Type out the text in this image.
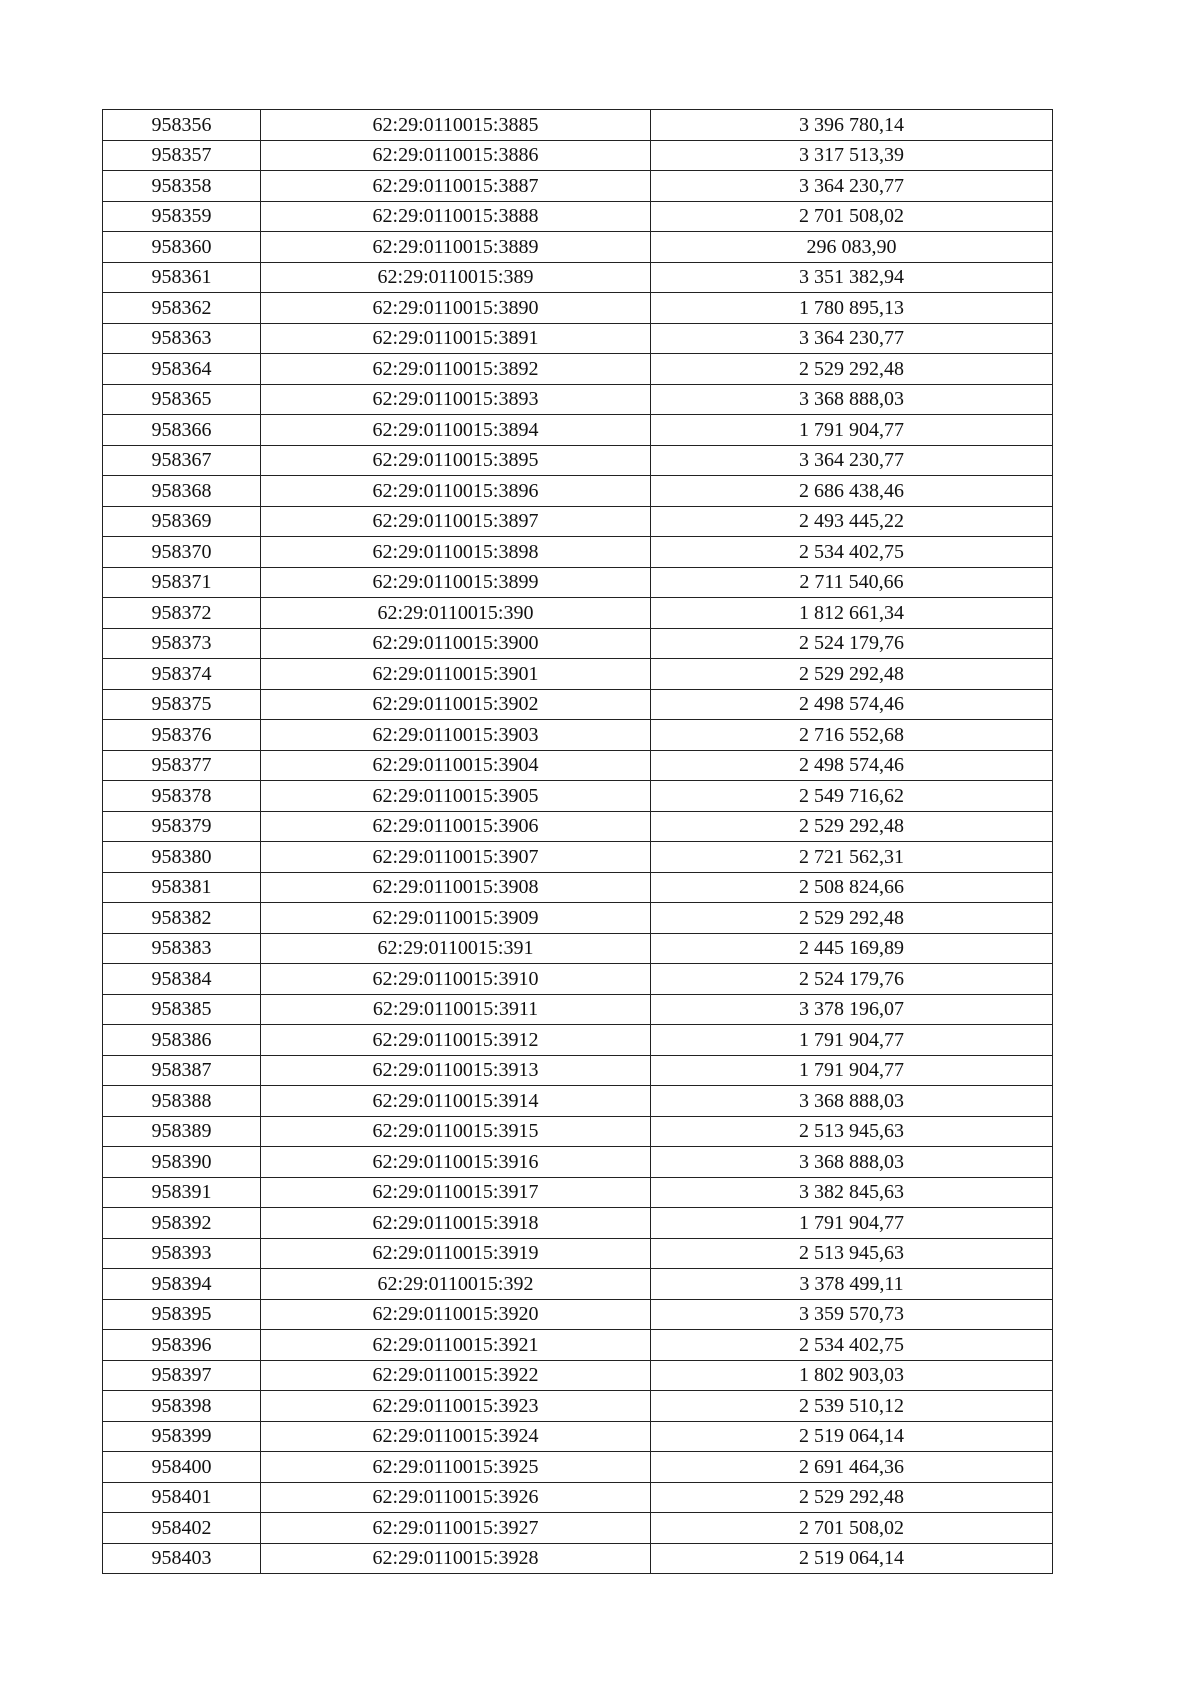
958356	62:29:0110015:3885	3 396 780,14
958357	62:29:0110015:3886	3 317 513,39
958358	62:29:0110015:3887	3 364 230,77
958359	62:29:0110015:3888	2 701 508,02
958360	62:29:0110015:3889	296 083,90
958361	62:29:0110015:389	3 351 382,94
958362	62:29:0110015:3890	1 780 895,13
958363	62:29:0110015:3891	3 364 230,77
958364	62:29:0110015:3892	2 529 292,48
958365	62:29:0110015:3893	3 368 888,03
958366	62:29:0110015:3894	1 791 904,77
958367	62:29:0110015:3895	3 364 230,77
958368	62:29:0110015:3896	2 686 438,46
958369	62:29:0110015:3897	2 493 445,22
958370	62:29:0110015:3898	2 534 402,75
958371	62:29:0110015:3899	2 711 540,66
958372	62:29:0110015:390	1 812 661,34
958373	62:29:0110015:3900	2 524 179,76
958374	62:29:0110015:3901	2 529 292,48
958375	62:29:0110015:3902	2 498 574,46
958376	62:29:0110015:3903	2 716 552,68
958377	62:29:0110015:3904	2 498 574,46
958378	62:29:0110015:3905	2 549 716,62
958379	62:29:0110015:3906	2 529 292,48
958380	62:29:0110015:3907	2 721 562,31
958381	62:29:0110015:3908	2 508 824,66
958382	62:29:0110015:3909	2 529 292,48
958383	62:29:0110015:391	2 445 169,89
958384	62:29:0110015:3910	2 524 179,76
958385	62:29:0110015:3911	3 378 196,07
958386	62:29:0110015:3912	1 791 904,77
958387	62:29:0110015:3913	1 791 904,77
958388	62:29:0110015:3914	3 368 888,03
958389	62:29:0110015:3915	2 513 945,63
958390	62:29:0110015:3916	3 368 888,03
958391	62:29:0110015:3917	3 382 845,63
958392	62:29:0110015:3918	1 791 904,77
958393	62:29:0110015:3919	2 513 945,63
958394	62:29:0110015:392	3 378 499,11
958395	62:29:0110015:3920	3 359 570,73
958396	62:29:0110015:3921	2 534 402,75
958397	62:29:0110015:3922	1 802 903,03
958398	62:29:0110015:3923	2 539 510,12
958399	62:29:0110015:3924	2 519 064,14
958400	62:29:0110015:3925	2 691 464,36
958401	62:29:0110015:3926	2 529 292,48
958402	62:29:0110015:3927	2 701 508,02
958403	62:29:0110015:3928	2 519 064,14
